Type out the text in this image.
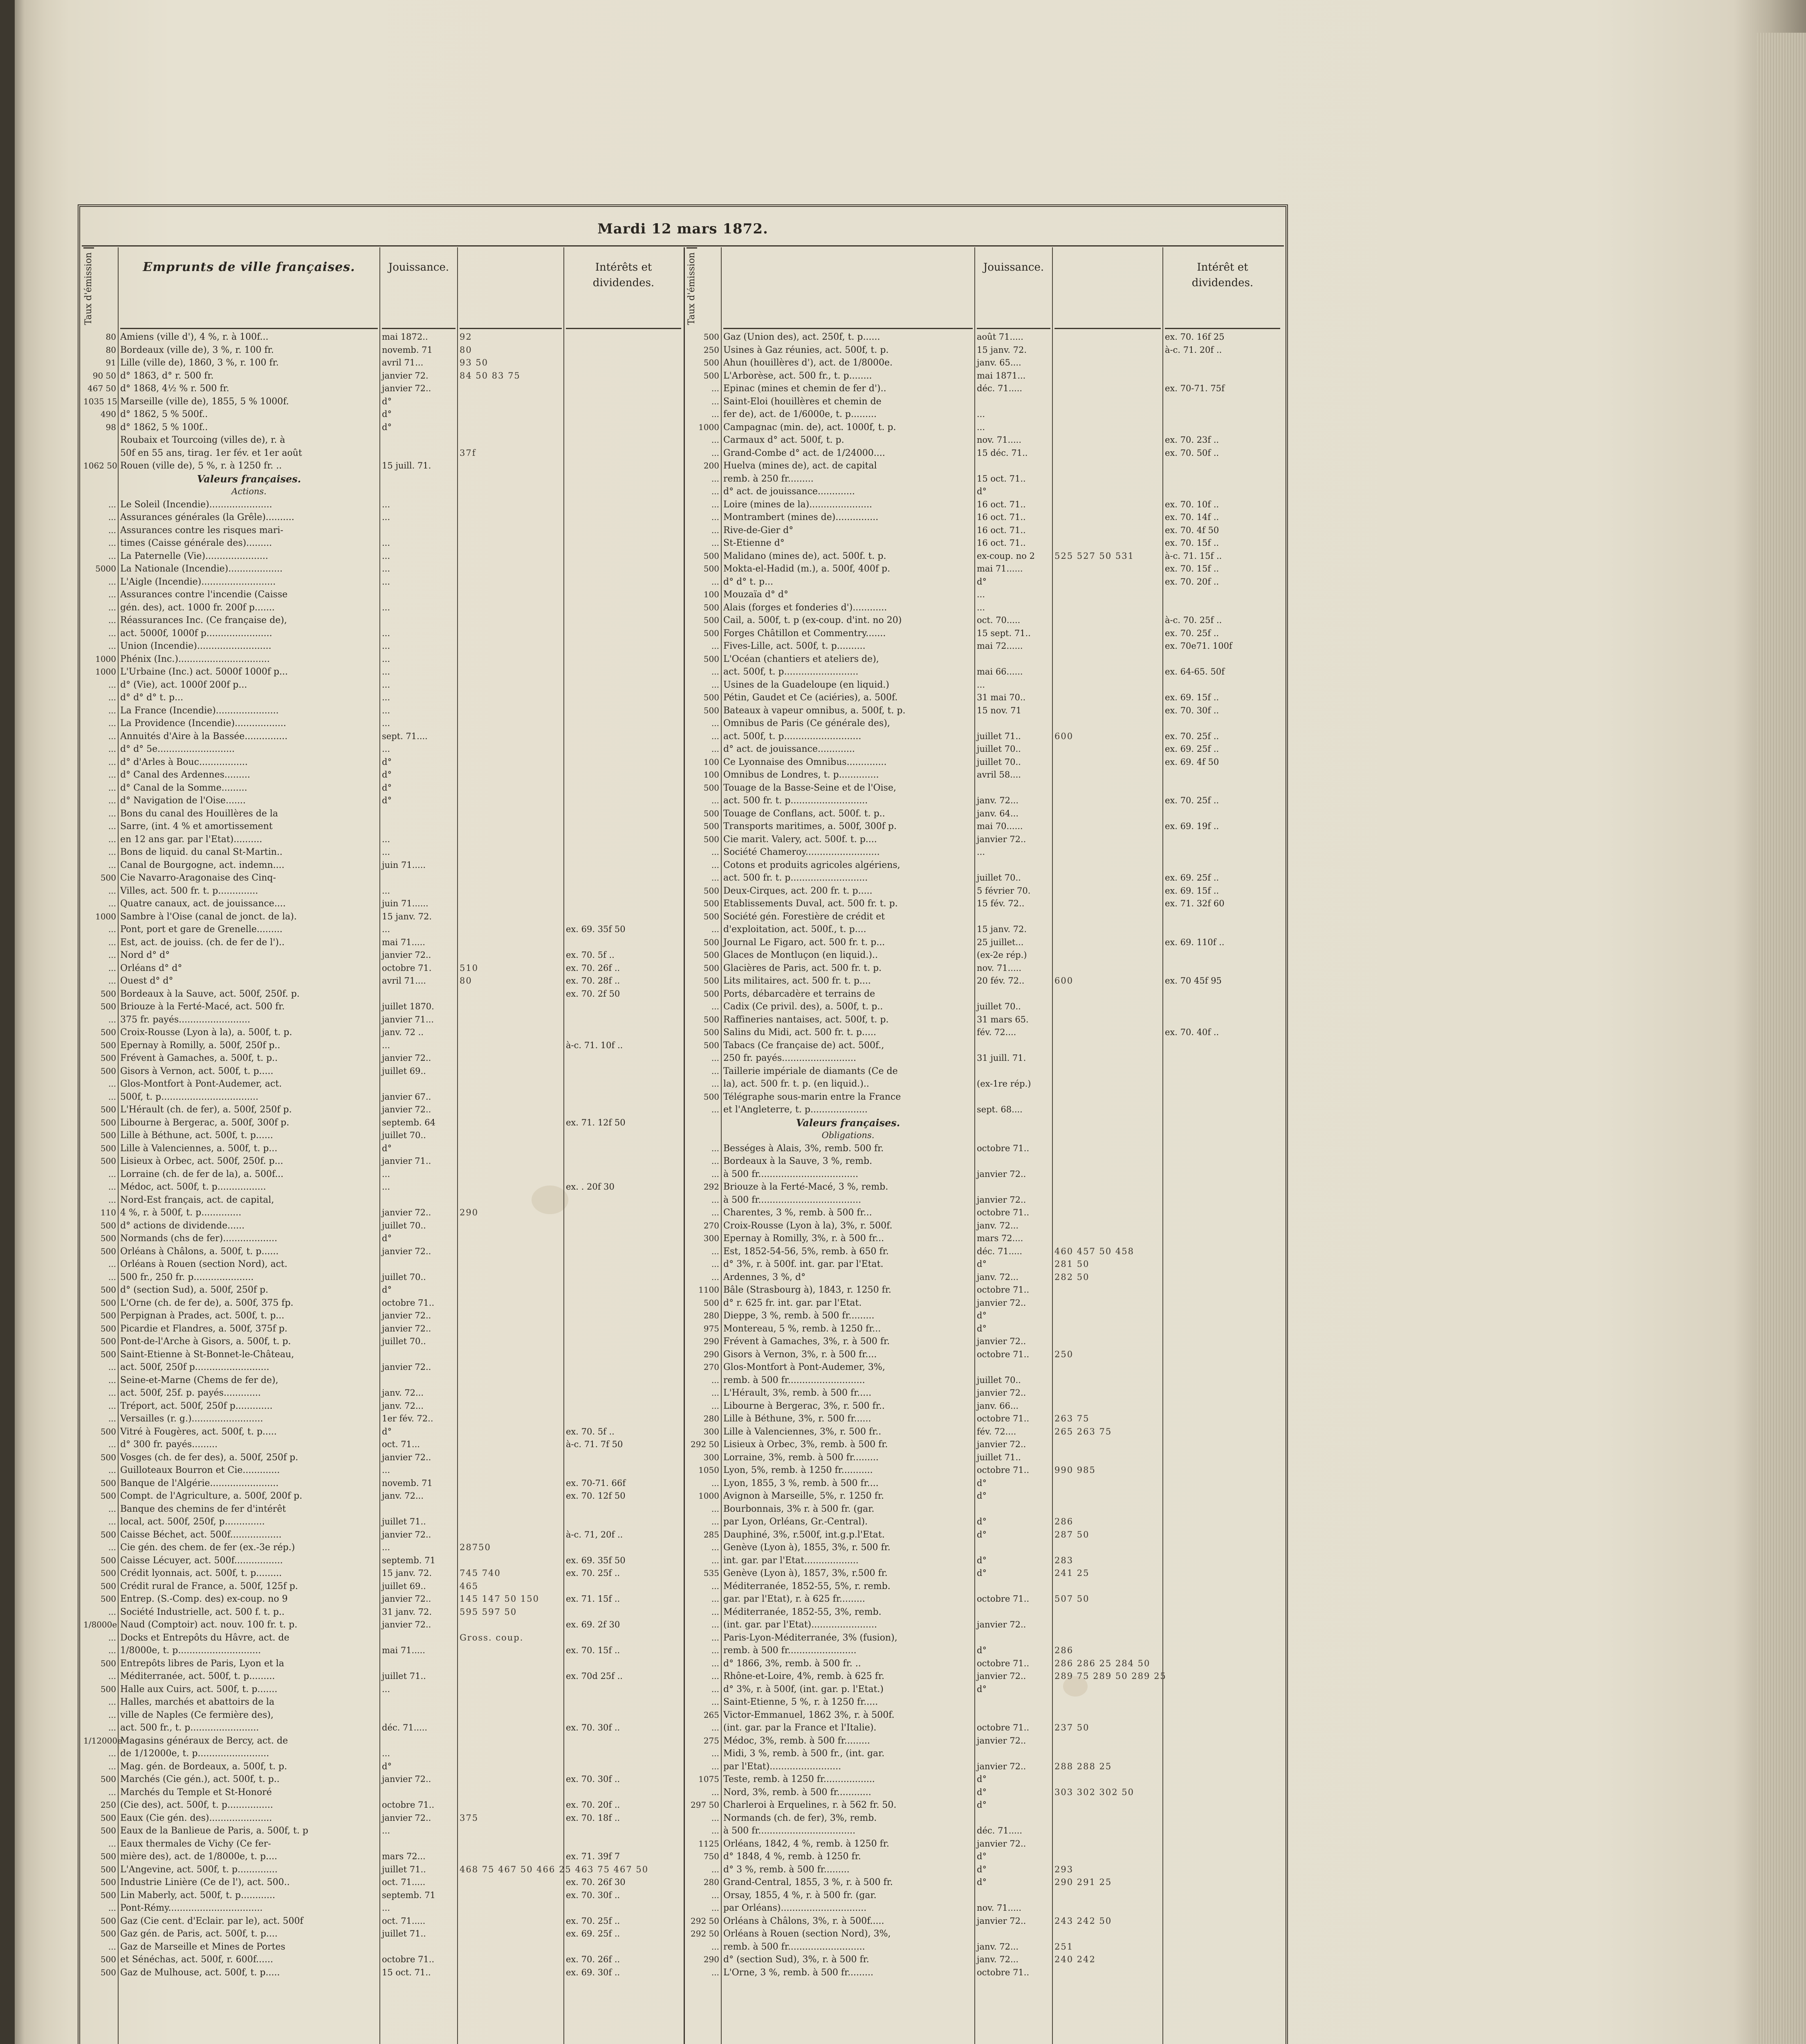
Mardi 12 mars 1872.
Taux d'émission
80
80
91
90 50
467 50
1035 15
490
98
1062 50
...
...
...
...
...
5000
...
...
...
...
...
...
1000
1000
...
...
...
...
...
...
...
...
...
...
...
...
...
...
...
500
...
...
1000
...
...
...
...
...
500
500
...
500
500
500
500
...
...
500
500
500
500
500
...
...
...
110
500
500
500
...
...
500
500
500
500
500
500
...
...
...
...
...
500
...
500
...
500
500
...
...
500
...
500
500
500
500
...
1/8000e
...
...
500
...
500
...
...
...
1/12000e
...
...
500
...
250
500
500
...
500
500
500
500
...
500
500
...
500
500
Emprunts de ville françaises.
Amiens (ville d'), 4 %, r. à 100f...
Bordeaux (ville de), 3 %, r. 100 fr.
Lille (ville de), 1860, 3 %, r. 100 fr.
d° 1863, d° r. 500 fr.
d° 1868, 4½ % r. 500 fr.
Marseille (ville de), 1855, 5 % 1000f.
d° 1862, 5 % 500f..
d° 1862, 5 % 100f..
Roubaix et Tourcoing (villes de), r. à
50f en 55 ans, tirag. 1er fév. et 1er août
Rouen (ville de), 5 %, r. à 1250 fr. ..
Valeurs françaises.
Actions.
Le Soleil (Incendie)......................
Assurances générales (la Grêle)..........
Assurances contre les risques mari-
times (Caisse générale des).........
La Paternelle (Vie)......................
La Nationale (Incendie)...................
L'Aigle (Incendie)..........................
Assurances contre l'incendie (Caisse
gén. des), act. 1000 fr. 200f p.......
Réassurances Inc. (Ce française de),
act. 5000f, 1000f p.......................
Union (Incendie)..........................
Phénix (Inc.)................................
L'Urbaine (Inc.) act. 5000f 1000f p...
d° (Vie), act. 1000f 200f p...
d° d° d° t. p...
La France (Incendie)......................
La Providence (Incendie)..................
Annuités d'Aire à la Bassée...............
d° d° 5e...........................
d° d'Arles à Bouc.................
d° Canal des Ardennes.........
d° Canal de la Somme.........
d° Navigation de l'Oise.......
Bons du canal des Houillères de la
Sarre, (int. 4 % et amortissement
en 12 ans gar. par l'Etat)..........
Bons de liquid. du canal St-Martin..
Canal de Bourgogne, act. indemn....
Cie Navarro-Aragonaise des Cinq-
Villes, act. 500 fr. t. p..............
Quatre canaux, act. de jouissance....
Sambre à l'Oise (canal de jonct. de la).
Pont, port et gare de Grenelle.........
Est, act. de jouiss. (ch. de fer de l')..
Nord d° d°
Orléans d° d°
Ouest d° d°
Bordeaux à la Sauve, act. 500f, 250f. p.
Briouze à la Ferté-Macé, act. 500 fr.
375 fr. payés.........................
Croix-Rousse (Lyon à la), a. 500f, t. p.
Epernay à Romilly, a. 500f, 250f p..
Frévent à Gamaches, a. 500f, t. p..
Gisors à Vernon, act. 500f, t. p.....
Glos-Montfort à Pont-Audemer, act.
500f, t. p..................................
L'Hérault (ch. de fer), a. 500f, 250f p.
Libourne à Bergerac, a. 500f, 300f p.
Lille à Béthune, act. 500f, t. p......
Lille à Valenciennes, a. 500f, t. p...
Lisieux à Orbec, act. 500f, 250f. p...
Lorraine (ch. de fer de la), a. 500f...
Médoc, act. 500f, t. p.................
Nord-Est français, act. de capital,
4 %, r. à 500f, t. p..............
d° actions de dividende......
Normands (chs de fer)...................
Orléans à Châlons, a. 500f, t. p......
Orléans à Rouen (section Nord), act.
500 fr., 250 fr. p.....................
d° (section Sud), a. 500f, 250f p.
L'Orne (ch. de fer de), a. 500f, 375 fp.
Perpignan à Prades, act. 500f, t. p...
Picardie et Flandres, a. 500f, 375f p.
Pont-de-l'Arche à Gisors, a. 500f, t. p.
Saint-Etienne à St-Bonnet-le-Château,
act. 500f, 250f p..........................
Seine-et-Marne (Chems de fer de),
act. 500f, 25f. p. payés.............
Tréport, act. 500f, 250f p.............
Versailles (r. g.).........................
Vitré à Fougères, act. 500f, t. p.....
d° 300 fr. payés.........
Vosges (ch. de fer des), a. 500f, 250f p.
Guilloteaux Bourron et Cie.............
Banque de l'Algérie........................
Compt. de l'Agriculture, a. 500f, 200f p.
Banque des chemins de fer d'intérêt
local, act. 500f, 250f, p..............
Caisse Béchet, act. 500f..................
Cie gén. des chem. de fer (ex.-3e rép.)
Caisse Lécuyer, act. 500f.................
Crédit lyonnais, act. 500f, t. p.........
Crédit rural de France, a. 500f, 125f p.
Entrep. (S.-Comp. des) ex-coup. no 9
Société Industrielle, act. 500 f. t. p..
Naud (Comptoir) act. nouv. 100 fr. t. p.
Docks et Entrepôts du Hâvre, act. de
1/8000e, t. p.............................
Entrepôts libres de Paris, Lyon et la
Méditerranée, act. 500f, t. p.........
Halle aux Cuirs, act. 500f, t. p.......
Halles, marchés et abattoirs de la
ville de Naples (Ce fermière des),
act. 500 fr., t. p........................
Magasins généraux de Bercy, act. de
de 1/12000e, t. p.........................
Mag. gén. de Bordeaux, a. 500f, t. p.
Marchés (Cie gén.), act. 500f, t. p..
Marchés du Temple et St-Honoré
(Cie des), act. 500f, t. p................
Eaux (Cie gén. des)......................
Eaux de la Banlieue de Paris, a. 500f, t. p
Eaux thermales de Vichy (Ce fer-
mière des), act. de 1/8000e, t. p....
L'Angevine, act. 500f, t. p..............
Industrie Linière (Ce de l'), act. 500..
Lin Maberly, act. 500f, t. p............
Pont-Rémy.................................
Gaz (Cie cent. d'Eclair. par le), act. 500f
Gaz gén. de Paris, act. 500f, t. p....
Gaz de Marseille et Mines de Portes
et Sénéchas, act. 500f, r. 600f......
Gaz de Mulhouse, act. 500f, t. p.....
Jouissance.
mai 1872..
novemb. 71
avril 71...
janvier 72.
janvier 72..
d°
d°
d°
15 juill. 71.
...
...
...
...
...
...
...
...
...
...
...
...
...
...
...
sept. 71....
...
d°
d°
d°
d°
...
...
juin 71.....
...
juin 71......
15 janv. 72.
...
mai 71.....
janvier 72..
octobre 71.
avril 71....
juillet 1870.
janvier 71...
janv. 72 ..
...
janvier 72..
juillet 69..
janvier 67..
janvier 72..
septemb. 64
juillet 70..
d°
janvier 71..
...
...
janvier 72..
juillet 70..
d°
janvier 72..
juillet 70..
d°
octobre 71..
janvier 72..
janvier 72..
juillet 70..
janvier 72..
janv. 72...
janv. 72...
1er fév. 72..
d°
oct. 71...
janvier 72..
...
novemb. 71
janv. 72...
juillet 71..
janvier 72..
...
septemb. 71
15 janv. 72.
juillet 69..
janvier 72..
31 janv. 72.
janvier 72..
mai 71.....
juillet 71..
...
déc. 71.....
...
d°
janvier 72..
octobre 71..
janvier 72..
...
mars 72...
juillet 71..
oct. 71.....
septemb. 71
...
oct. 71.....
juillet 71..
octobre 71..
15 oct. 71..
92
80
93 50
84 50 83 75
37f
510
80
290
28750
745 740
465
145 147 50 150
595 597 50
Gross. coup.
375
468 75 467 50 466 25 463 75 467 50
Intérêts et dividendes.
ex. 69. 35f 50
ex. 70. 5f ..
ex. 70. 26f ..
ex. 70. 28f ..
ex. 70. 2f 50
à-c. 71. 10f ..
ex. 71. 12f 50
ex. . 20f 30
ex. 70. 5f ..
à-c. 71. 7f 50
ex. 70-71. 66f
ex. 70. 12f 50
à-c. 71, 20f ..
ex. 69. 35f 50
ex. 70. 25f ..
ex. 71. 15f ..
ex. 69. 2f 30
ex. 70. 15f ..
ex. 70d 25f ..
ex. 70. 30f ..
ex. 70. 30f ..
ex. 70. 20f ..
ex. 70. 18f ..
ex. 71. 39f 7
ex. 70. 26f 30
ex. 70. 30f ..
ex. 70. 25f ..
ex. 69. 25f ..
ex. 70. 26f ..
ex. 69. 30f ..
Taux d'émission
500
250
500
500
...
...
...
1000
...
...
200
...
...
...
...
...
...
500
500
...
100
500
500
500
...
500
...
...
500
500
...
...
...
100
100
500
...
500
500
500
...
...
...
500
500
500
...
500
500
500
500
500
...
500
500
500
...
...
...
500
...
...
...
...
292
...
...
270
300
...
...
...
1100
500
280
975
290
290
270
...
...
...
280
300
292 50
300
1050
...
1000
...
...
285
...
...
535
...
...
...
...
...
...
...
...
...
...
265
...
275
...
...
1075
...
297 50
...
...
1125
750
...
280
...
...
292 50
292 50
...
290
...
Gaz (Union des), act. 250f, t. p......
Usines à Gaz réunies, act. 500f, t. p.
Ahun (houillères d'), act. de 1/8000e.
L'Arborèse, act. 500 fr., t. p........
Epinac (mines et chemin de fer d')..
Saint-Eloi (houillères et chemin de
fer de), act. de 1/6000e, t. p.........
Campagnac (min. de), act. 1000f, t. p.
Carmaux d° act. 500f, t. p.
Grand-Combe d° act. de 1/24000....
Huelva (mines de), act. de capital
remb. à 250 fr.........
d° act. de jouissance.............
Loire (mines de la)......................
Montrambert (mines de)...............
Rive-de-Gier d°
St-Etienne d°
Malidano (mines de), act. 500f. t. p.
Mokta-el-Hadid (m.), a. 500f, 400f p.
d° d° t. p...
Mouzaïa d° d°
Alais (forges et fonderies d')............
Cail, a. 500f, t. p (ex-coup. d'int. no 20)
Forges Châtillon et Commentry.......
Fives-Lille, act. 500f, t. p..........
L'Océan (chantiers et ateliers de),
act. 500f, t. p..........................
Usines de la Guadeloupe (en liquid.)
Pétin, Gaudet et Ce (aciéries), a. 500f.
Bateaux à vapeur omnibus, a. 500f, t. p.
Omnibus de Paris (Ce générale des),
act. 500f, t. p...........................
d° act. de jouissance.............
Ce Lyonnaise des Omnibus..............
Omnibus de Londres, t. p..............
Touage de la Basse-Seine et de l'Oise,
act. 500 fr. t. p...........................
Touage de Conflans, act. 500f. t. p..
Transports maritimes, a. 500f, 300f p.
Cie marit. Valery, act. 500f. t. p....
Société Chameroy..........................
Cotons et produits agricoles algériens,
act. 500 fr. t. p...........................
Deux-Cirques, act. 200 fr. t. p.....
Etablissements Duval, act. 500 fr. t. p.
Société gén. Forestière de crédit et
d'exploitation, act. 500f., t. p....
Journal Le Figaro, act. 500 fr. t. p...
Glaces de Montluçon (en liquid.)..
Glacières de Paris, act. 500 fr. t. p.
Lits militaires, act. 500 fr. t. p....
Ports, débarcadère et terrains de
Cadix (Ce privil. des), a. 500f, t. p..
Raffineries nantaises, act. 500f, t. p.
Salins du Midi, act. 500 fr. t. p.....
Tabacs (Ce française de) act. 500f.,
250 fr. payés..........................
Taillerie impériale de diamants (Ce de
la), act. 500 fr. t. p. (en liquid.)..
Télégraphe sous-marin entre la France
et l'Angleterre, t. p....................
Valeurs françaises.
Obligations.
Bességes à Alais, 3%, remb. 500 fr.
Bordeaux à la Sauve, 3 %, remb.
à 500 fr...................................
Briouze à la Ferté-Macé, 3 %, remb.
à 500 fr....................................
Charentes, 3 %, remb. à 500 fr...
Croix-Rousse (Lyon à la), 3%, r. 500f.
Epernay à Romilly, 3%, r. à 500 fr...
Est, 1852-54-56, 5%, remb. à 650 fr.
d° 3%, r. à 500f. int. gar. par l'Etat.
Ardennes, 3 %, d°
Bâle (Strasbourg à), 1843, r. 1250 fr.
d° r. 625 fr. int. gar. par l'Etat.
Dieppe, 3 %, remb. à 500 fr.........
Montereau, 5 %, remb. à 1250 fr...
Frévent à Gamaches, 3%, r. à 500 fr.
Gisors à Vernon, 3%, r. à 500 fr....
Glos-Montfort à Pont-Audemer, 3%,
remb. à 500 fr...........................
L'Hérault, 3%, remb. à 500 fr.....
Libourne à Bergerac, 3%, r. 500 fr..
Lille à Béthune, 3%, r. 500 fr......
Lille à Valenciennes, 3%, r. 500 fr..
Lisieux à Orbec, 3%, remb. à 500 fr.
Lorraine, 3%, remb. à 500 fr.........
Lyon, 5%, remb. à 1250 fr...........
Lyon, 1855, 3 %, remb. à 500 fr....
Avignon à Marseille, 5%, r. 1250 fr.
Bourbonnais, 3% r. à 500 fr. (gar.
par Lyon, Orléans, Gr.-Central).
Dauphiné, 3%, r.500f, int.g.p.l'Etat.
Genève (Lyon à), 1855, 3%, r. 500 fr.
int. gar. par l'Etat...................
Genève (Lyon à), 1857, 3%, r.500 fr.
Méditerranée, 1852-55, 5%, r. remb.
gar. par l'Etat), r. à 625 fr.........
Méditerranée, 1852-55, 3%, remb.
(int. gar. par l'Etat).......................
Paris-Lyon-Méditerranée, 3% (fusion),
remb. à 500 fr........................
d° 1866, 3%, remb. à 500 fr. ..
Rhône-et-Loire, 4%, remb. à 625 fr.
d° 3%, r. à 500f, (int. gar. p. l'Etat.)
Saint-Etienne, 5 %, r. à 1250 fr.....
Victor-Emmanuel, 1862 3%, r. à 500f.
(int. gar. par la France et l'Italie).
Médoc, 3%, remb. à 500 fr.........
Midi, 3 %, remb. à 500 fr., (int. gar.
par l'Etat).........................
Teste, remb. à 1250 fr..................
Nord, 3%, remb. à 500 fr............
Charleroi à Erquelines, r. à 562 fr. 50.
Normands (ch. de fer), 3%, remb.
à 500 fr..................................
Orléans, 1842, 4 %, remb. à 1250 fr.
d° 1848, 4 %, remb. à 1250 fr.
d° 3 %, remb. à 500 fr.........
Grand-Central, 1855, 3 %, r. à 500 fr.
Orsay, 1855, 4 %, r. à 500 fr. (gar.
par Orléans)..............................
Orléans à Châlons, 3%, r. à 500f.....
Orléans à Rouen (section Nord), 3%,
remb. à 500 fr...........................
d° (section Sud), 3%, r. à 500 fr.
L'Orne, 3 %, remb. à 500 fr.........
Jouissance.
août 71.....
15 janv. 72.
janv. 65....
mai 1871...
déc. 71.....
...
...
nov. 71.....
15 déc. 71..
15 oct. 71..
d°
16 oct. 71..
16 oct. 71..
16 oct. 71..
16 oct. 71..
ex-coup. no 2
mai 71......
d°
...
...
oct. 70.....
15 sept. 71..
mai 72......
mai 66......
...
31 mai 70..
15 nov. 71
juillet 71..
juillet 70..
juillet 70..
avril 58....
janv. 72...
janv. 64...
mai 70......
janvier 72..
...
juillet 70..
5 février 70.
15 fév. 72..
15 janv. 72.
25 juillet...
(ex-2e rép.)
nov. 71.....
20 fév. 72..
juillet 70..
31 mars 65.
fév. 72....
31 juill. 71.
(ex-1re rép.)
sept. 68....
octobre 71..
janvier 72..
janvier 72..
octobre 71..
janv. 72...
mars 72....
déc. 71.....
d°
janv. 72...
octobre 71..
janvier 72..
d°
d°
janvier 72..
octobre 71..
juillet 70..
janvier 72..
janv. 66...
octobre 71..
fév. 72....
janvier 72..
juillet 71..
octobre 71..
d°
d°
d°
d°
d°
d°
octobre 71..
janvier 72..
d°
octobre 71..
janvier 72..
d°
octobre 71..
janvier 72..
janvier 72..
d°
d°
d°
déc. 71.....
janvier 72..
d°
d°
d°
nov. 71.....
janvier 72..
janv. 72...
janv. 72...
octobre 71..
525 527 50 531
600
600
460 457 50 458
281 50
282 50
250
263 75
265 263 75
990 985
286
287 50
283
241 25
507 50
286
286 286 25 284 50
289 75 289 50 289 25
237 50
288 288 25
303 302 302 50
293
290 291 25
243 242 50
251
240 242
Intérêt et dividendes.
ex. 70. 16f 25
à-c. 71. 20f ..
ex. 70-71. 75f
ex. 70. 23f ..
ex. 70. 50f ..
ex. 70. 10f ..
ex. 70. 14f ..
ex. 70. 4f 50
ex. 70. 15f ..
à-c. 71. 15f ..
ex. 70. 15f ..
ex. 70. 20f ..
à-c. 70. 25f ..
ex. 70. 25f ..
ex. 70e71. 100f
ex. 64-65. 50f
ex. 69. 15f ..
ex. 70. 30f ..
ex. 70. 25f ..
ex. 69. 25f ..
ex. 69. 4f 50
ex. 70. 25f ..
ex. 69. 19f ..
ex. 69. 25f ..
ex. 69. 15f ..
ex. 71. 32f 60
ex. 69. 110f ..
ex. 70 45f 95
ex. 70. 40f ..
